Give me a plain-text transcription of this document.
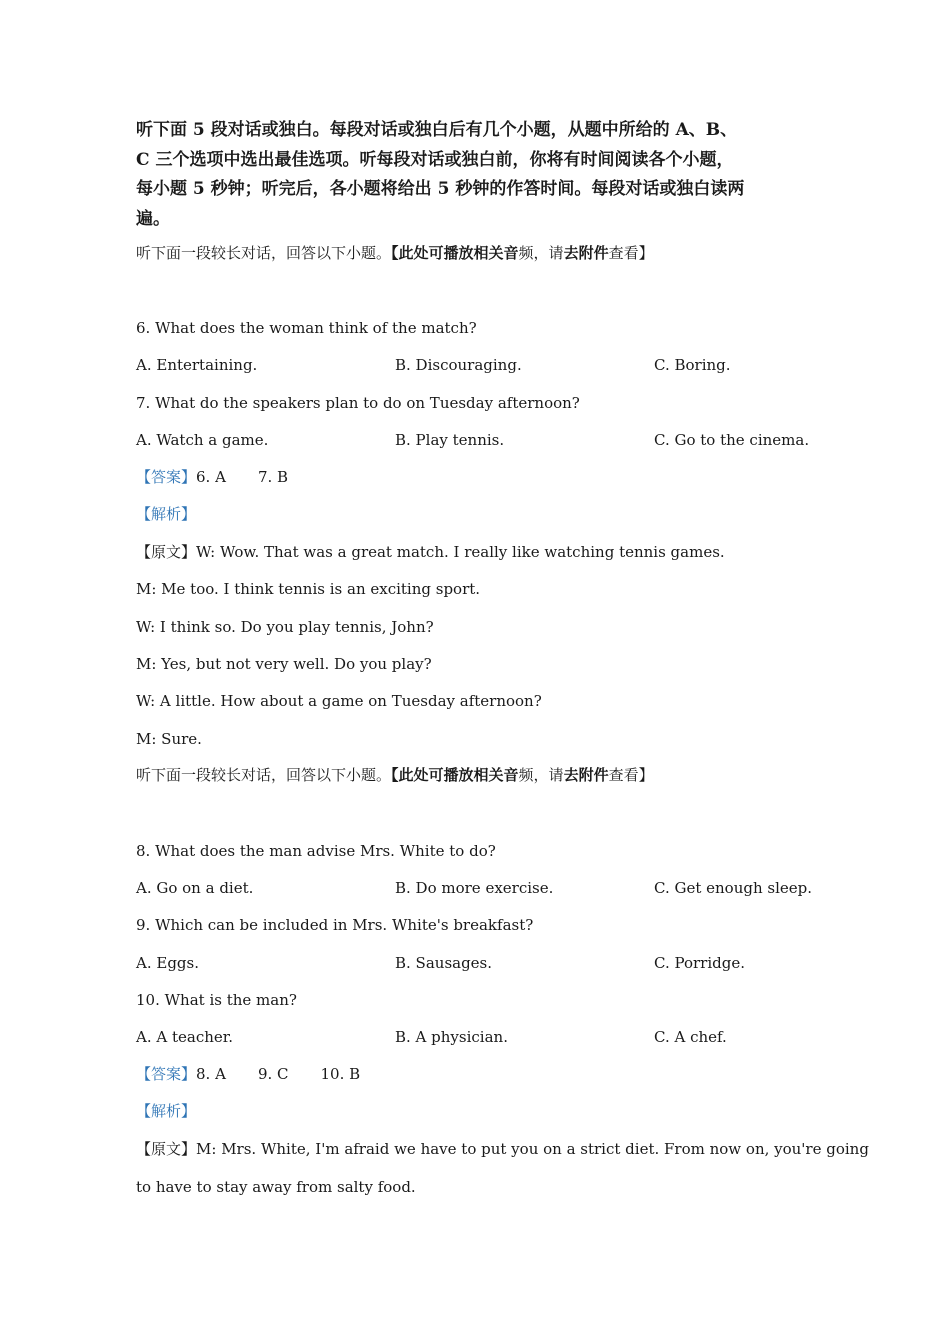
听下面 5 段对话或独白。每段对话或独白后有几个小题，从题中所给的 A、B、
C 三个选项中选出最佳选项。听每段对话或独白前，你将有时间阅读各个小题，
每小题 5 秒钟；听完后，各小题将给出 5 秒钟的作答时间。每段对话或独白读两
遍。
听下面一段较长对话，回答以下小题。【此处可播放相关音频，请去附件查看】
6. What does the woman think of the match?
A. Entertaining.	B. Discouraging.	C. Boring.
7. What do the speakers plan to do on Tuesday afternoon?
A. Watch a game.	B. Play tennis.	C. Go to the cinema.
【答案】6. A 7. B
【解析】
【原文】W: Wow. That was a great match. I really like watching tennis games.
M: Me too. I think tennis is an exciting sport.
W: I think so. Do you play tennis, John?
M: Yes, but not very well. Do you play?
W: A little. How about a game on Tuesday afternoon?
M: Sure.
听下面一段较长对话，回答以下小题。【此处可播放相关音频，请去附件查看】
8. What does the man advise Mrs. White to do?
A. Go on a diet.	B. Do more exercise.	C. Get enough sleep.
9. Which can be included in Mrs. White's breakfast?
A. Eggs.	B. Sausages.	C. Porridge.
10. What is the man?
A. A teacher.	B. A physician.	C. A chef.
【答案】8. A 9. C 10. B
【解析】
【原文】M: Mrs. White, I'm afraid we have to put you on a strict diet. From now on, you're going
to have to stay away from salty food.
